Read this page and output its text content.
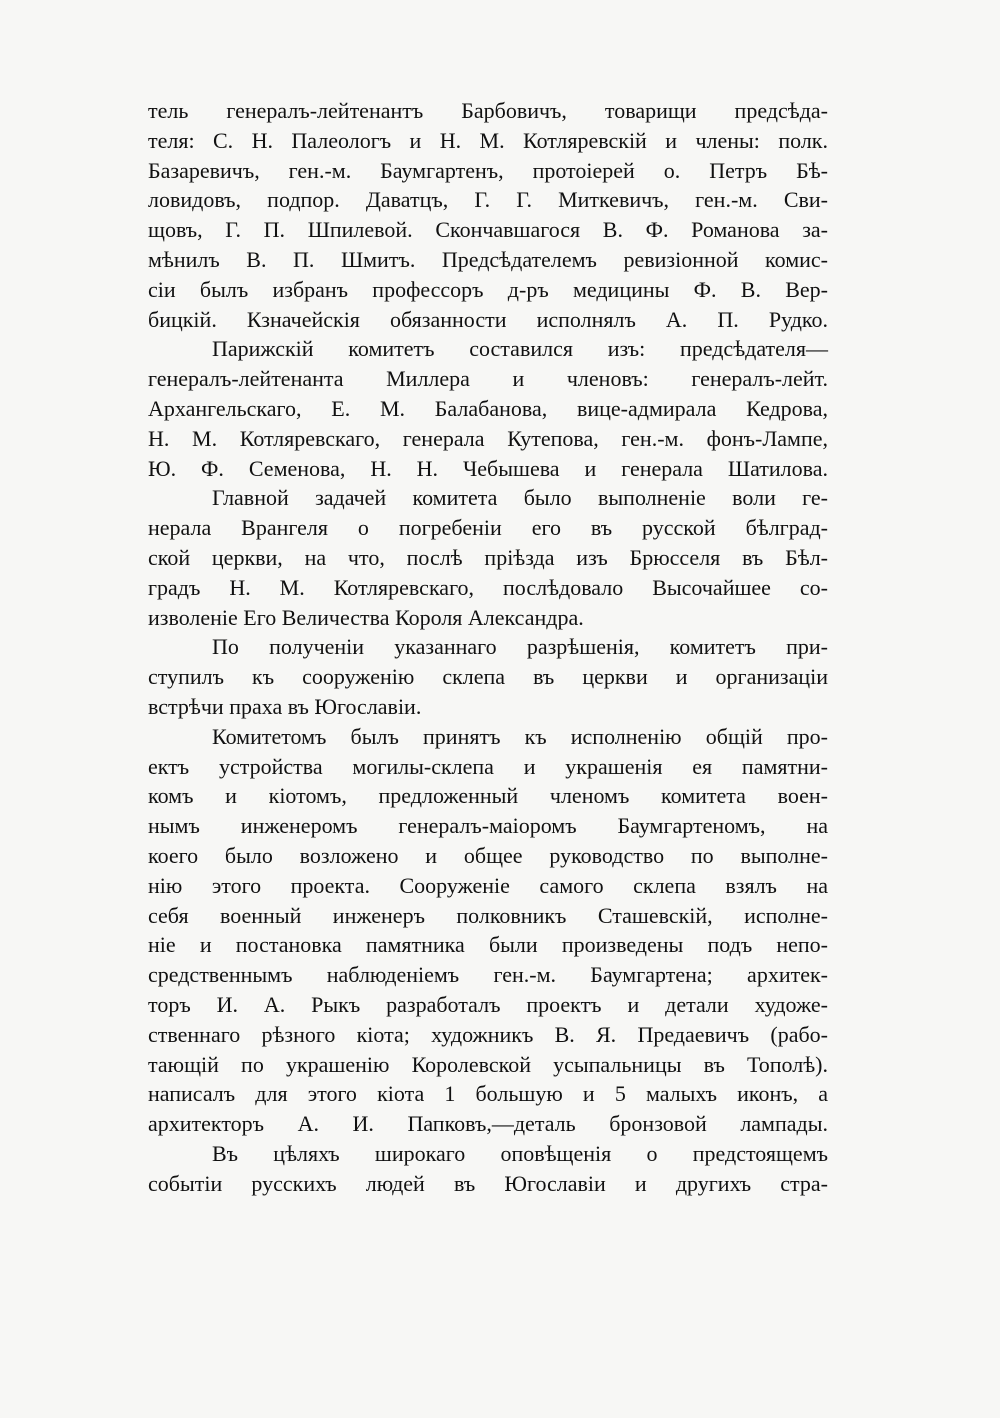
тель генералъ-лейтенантъ Барбовичъ, товарищи предсѣда-
теля: С. Н. Палеологъ и Н. М. Котляревскій и члены: полк.
Базаревичъ, ген.-м. Баумгартенъ, протоіерей о. Петръ Бѣ-
ловидовъ, подпор. Даватцъ, Г. Г. Миткевичъ, ген.-м. Сви-
щовъ, Г. П. Шпилевой. Скончавшагося В. Ф. Романова за-
мѣнилъ В. П. Шмитъ. Предсѣдателемъ ревизіонной комис-
сіи былъ избранъ профессоръ д-ръ медицины Ф. В. Вер-
бицкій. Кзначейскія обязанности исполнялъ А. П. Рудко.
Парижскій комитетъ составился изъ: предсѣдателя—
генералъ-лейтенанта Миллера и членовъ: генералъ-лейт.
Архангельскаго, Е. М. Балабанова, вице-адмирала Кедрова,
Н. М. Котляревскаго, генерала Кутепова, ген.-м. фонъ-Лампе,
Ю. Ф. Семенова, Н. Н. Чебышева и генерала Шатилова.
Главной задачей комитета было выполненіе воли ге-
нерала Врангеля о погребеніи его въ русской бѣлград-
ской церкви, на что, послѣ пріѣзда изъ Брюсселя въ Бѣл-
градъ Н. М. Котляревскаго, послѣдовало Высочайшее со-
изволеніе Его Величества Короля Александра.
По полученіи указаннаго разрѣшенія, комитетъ при-
ступилъ къ сооруженію склепа въ церкви и организаціи
встрѣчи праха въ Югославіи.
Комитетомъ былъ принятъ къ исполненію общій про-
ектъ устройства могилы-склепа и украшенія ея памятни-
комъ и кіотомъ, предложенный членомъ комитета воен-
нымъ инженеромъ генералъ-маіоромъ Баумгартеномъ, на
коего было возложено и общее руководство по выполне-
нію этого проекта. Сооруженіе самого склепа взялъ на
себя военный инженеръ полковникъ Сташевскій, исполне-
ніе и постановка памятника были произведены подъ непо-
средственнымъ наблюденіемъ ген.-м. Баумгартена; архитек-
торъ И. А. Рыкъ разработалъ проектъ и детали художе-
ственнаго рѣзного кіота; художникъ В. Я. Предаевичъ (рабо-
тающій по украшенію Королевской усыпальницы въ Тополѣ).
написалъ для этого кіота 1 большую и 5 малыхъ иконъ, а
архитекторъ А. И. Папковъ,—деталь бронзовой лампады.
Въ цѣляхъ широкаго оповѣщенія о предстоящемъ
событіи русскихъ людей въ Югославіи и другихъ стра-
